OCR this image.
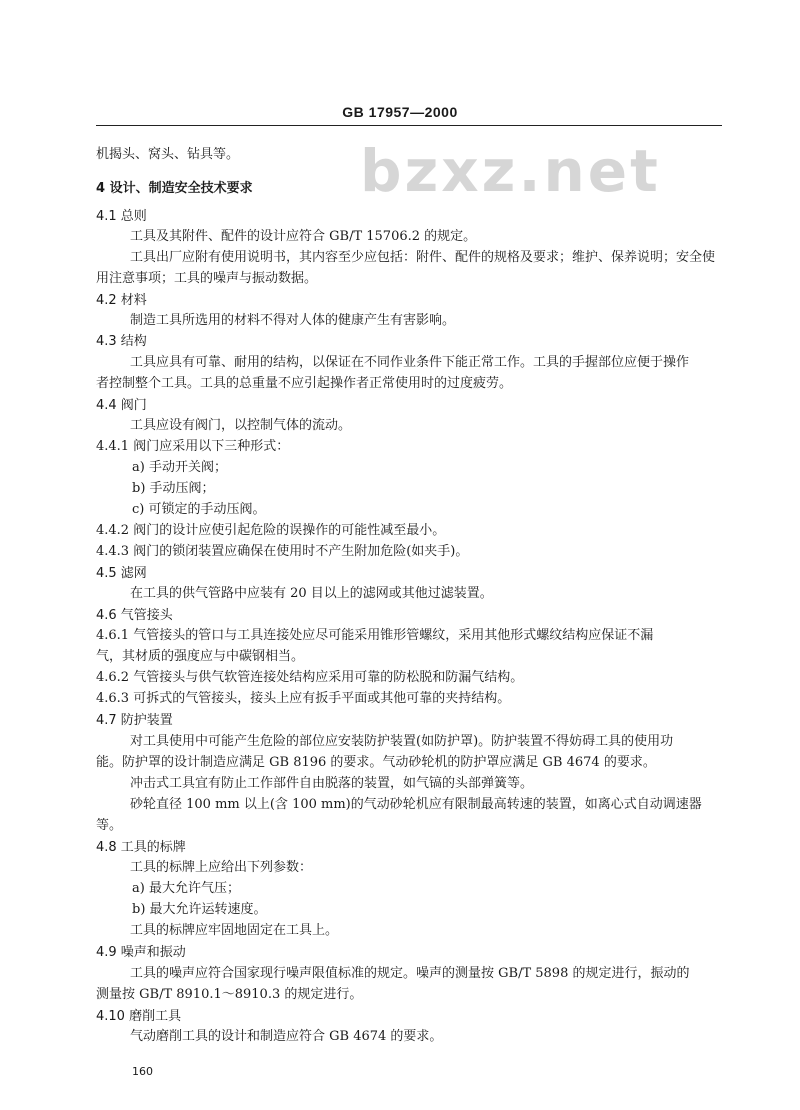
GB 17957—2000
bzxz.net
机揭头、窝头、钻具等。
4 设计、制造安全技术要求
4.1 总则
工具及其附件、配件的设计应符合 GB/T 15706.2 的规定。
工具出厂应附有使用说明书，其内容至少应包括：附件、配件的规格及要求；维护、保养说明；安全使
用注意事项；工具的噪声与振动数据。
4.2 材料
制造工具所选用的材料不得对人体的健康产生有害影响。
4.3 结构
工具应具有可靠、耐用的结构，以保证在不同作业条件下能正常工作。工具的手握部位应便于操作
者控制整个工具。工具的总重量不应引起操作者正常使用时的过度疲劳。
4.4 阀门
工具应设有阀门，以控制气体的流动。
4.4.1 阀门应采用以下三种形式：
a) 手动开关阀；
b) 手动压阀；
c) 可锁定的手动压阀。
4.4.2 阀门的设计应使引起危险的误操作的可能性减至最小。
4.4.3 阀门的锁闭装置应确保在使用时不产生附加危险(如夹手)。
4.5 滤网
在工具的供气管路中应装有 20 目以上的滤网或其他过滤装置。
4.6 气管接头
4.6.1 气管接头的管口与工具连接处应尽可能采用锥形管螺纹，采用其他形式螺纹结构应保证不漏
气，其材质的强度应与中碳钢相当。
4.6.2 气管接头与供气软管连接处结构应采用可靠的防松脱和防漏气结构。
4.6.3 可拆式的气管接头，接头上应有扳手平面或其他可靠的夹持结构。
4.7 防护装置
对工具使用中可能产生危险的部位应安装防护装置(如防护罩)。防护装置不得妨碍工具的使用功
能。防护罩的设计制造应满足 GB 8196 的要求。气动砂轮机的防护罩应满足 GB 4674 的要求。
冲击式工具宜有防止工作部件自由脱落的装置，如气镐的头部弹簧等。
砂轮直径 100 mm 以上(含 100 mm)的气动砂轮机应有限制最高转速的装置，如离心式自动调速器
等。
4.8 工具的标牌
工具的标牌上应给出下列参数：
a) 最大允许气压；
b) 最大允许运转速度。
工具的标牌应牢固地固定在工具上。
4.9 噪声和振动
工具的噪声应符合国家现行噪声限值标准的规定。噪声的测量按 GB/T 5898 的规定进行，振动的
测量按 GB/T 8910.1～8910.3 的规定进行。
4.10 磨削工具
气动磨削工具的设计和制造应符合 GB 4674 的要求。
160
